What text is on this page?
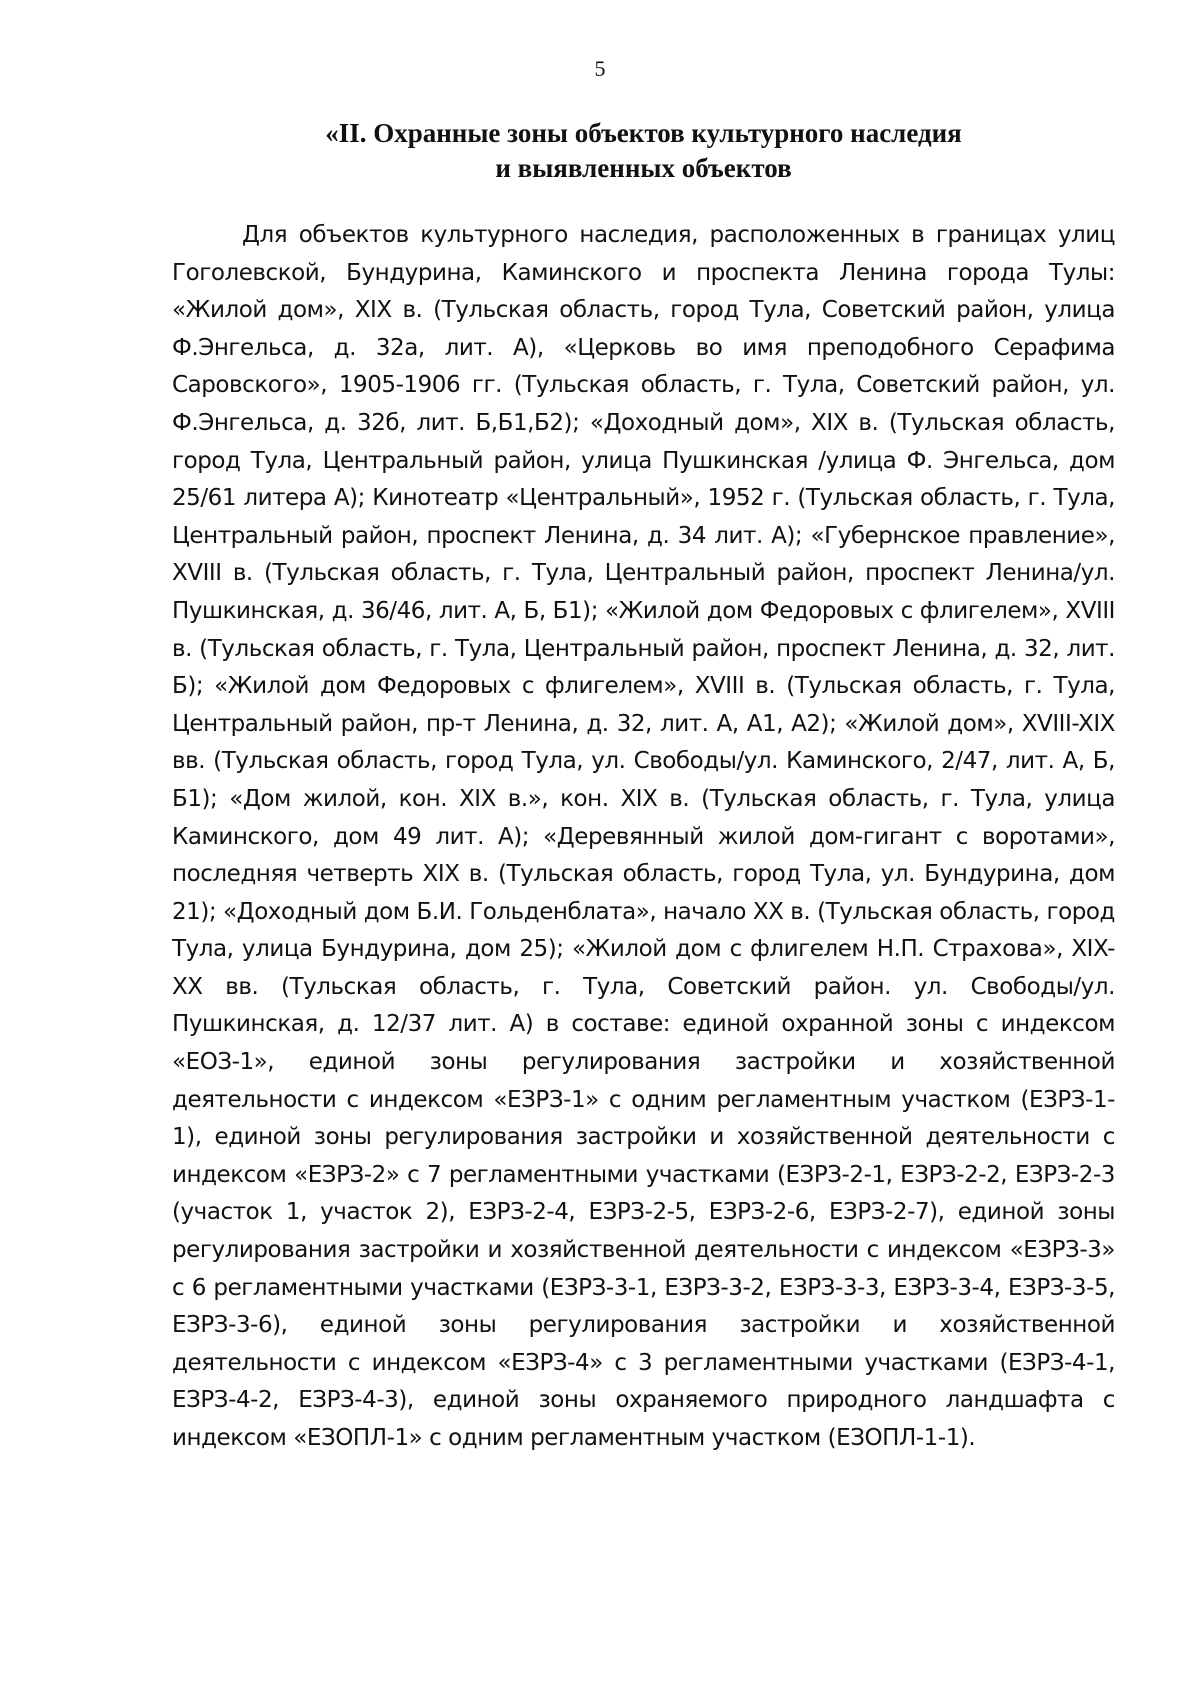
5
«II. Охранные зоны объектов культурного наследия
и выявленных объектов

Для объектов культурного наследия, расположенных в границах улиц Гоголевской, Бундурина, Каминского и проспекта Ленина города Тулы: «Жилой дом», XIX в. (Тульская область, город Тула, Советский район, улица Ф.Энгельса, д. 32а, лит. А), «Церковь во имя преподобного Серафима Саровского», 1905-1906 гг. (Тульская область, г. Тула, Советский район, ул. Ф.Энгельса, д. 32б, лит. Б,Б1,Б2); «Доходный дом», XIX в. (Тульская область, город Тула, Центральный район, улица Пушкинская /улица Ф. Энгельса, дом 25/61 литера А); Кинотеатр «Центральный», 1952 г. (Тульская область, г. Тула, Центральный район, проспект Ленина, д. 34 лит. А); «Губернское правление», XVIII в. (Тульская область, г. Тула, Центральный район, проспект Ленина/ул. Пушкинская, д. 36/46, лит. А, Б, Б1); «Жилой дом Федоровых с флигелем», XVIII в. (Тульская область, г. Тула, Центральный район, проспект Ленина, д. 32, лит. Б); «Жилой дом Федоровых с флигелем», XVIII в. (Тульская область, г. Тула, Центральный район, пр-т Ленина, д. 32, лит. А, А1, А2); «Жилой дом», XVIII-XIX вв. (Тульская область, город Тула, ул. Свободы/ул. Каминского, 2/47, лит. А, Б, Б1); «Дом жилой, кон. XIX в.», кон. XIX в. (Тульская область, г. Тула, улица Каминского, дом 49 лит. А); «Деревянный жилой дом-гигант с воротами», последняя четверть XIX в. (Тульская область, город Тула, ул. Бундурина, дом 21); «Доходный дом Б.И. Гольденблата», начало XX в. (Тульская область, город Тула, улица Бундурина, дом 25); «Жилой дом с флигелем Н.П. Страхова», XIX-XX вв. (Тульская область, г. Тула, Советский район. ул. Свободы/ул. Пушкинская, д. 12/37 лит. А) в составе: единой охранной зоны с индексом «ЕОЗ-1», единой зоны регулирования застройки и хозяйственной деятельности с индексом «ЕЗРЗ-1» с одним регламентным участком (ЕЗРЗ-1-1), единой зоны регулирования застройки и хозяйственной деятельности с индексом «ЕЗРЗ-2» с 7 регламентными участками (ЕЗРЗ-2-1, ЕЗРЗ-2-2, ЕЗРЗ-2-3 (участок 1, участок 2), ЕЗРЗ-2-4, ЕЗРЗ-2-5, ЕЗРЗ-2-6, ЕЗРЗ-2-7), единой зоны регулирования застройки и хозяйственной деятельности с индексом «ЕЗРЗ-3» с 6 регламентными участками (ЕЗРЗ-3-1, ЕЗРЗ-3-2, ЕЗРЗ-3-3, ЕЗРЗ-3-4, ЕЗРЗ-3-5, ЕЗРЗ-3-6), единой зоны регулирования застройки и хозяйственной деятельности с индексом «ЕЗРЗ-4» с 3 регламентными участками (ЕЗРЗ-4-1, ЕЗРЗ-4-2, ЕЗРЗ-4-3), единой зоны охраняемого природного ландшафта с индексом «ЕЗОПЛ-1» с одним регламентным участком (ЕЗОПЛ-1-1).
